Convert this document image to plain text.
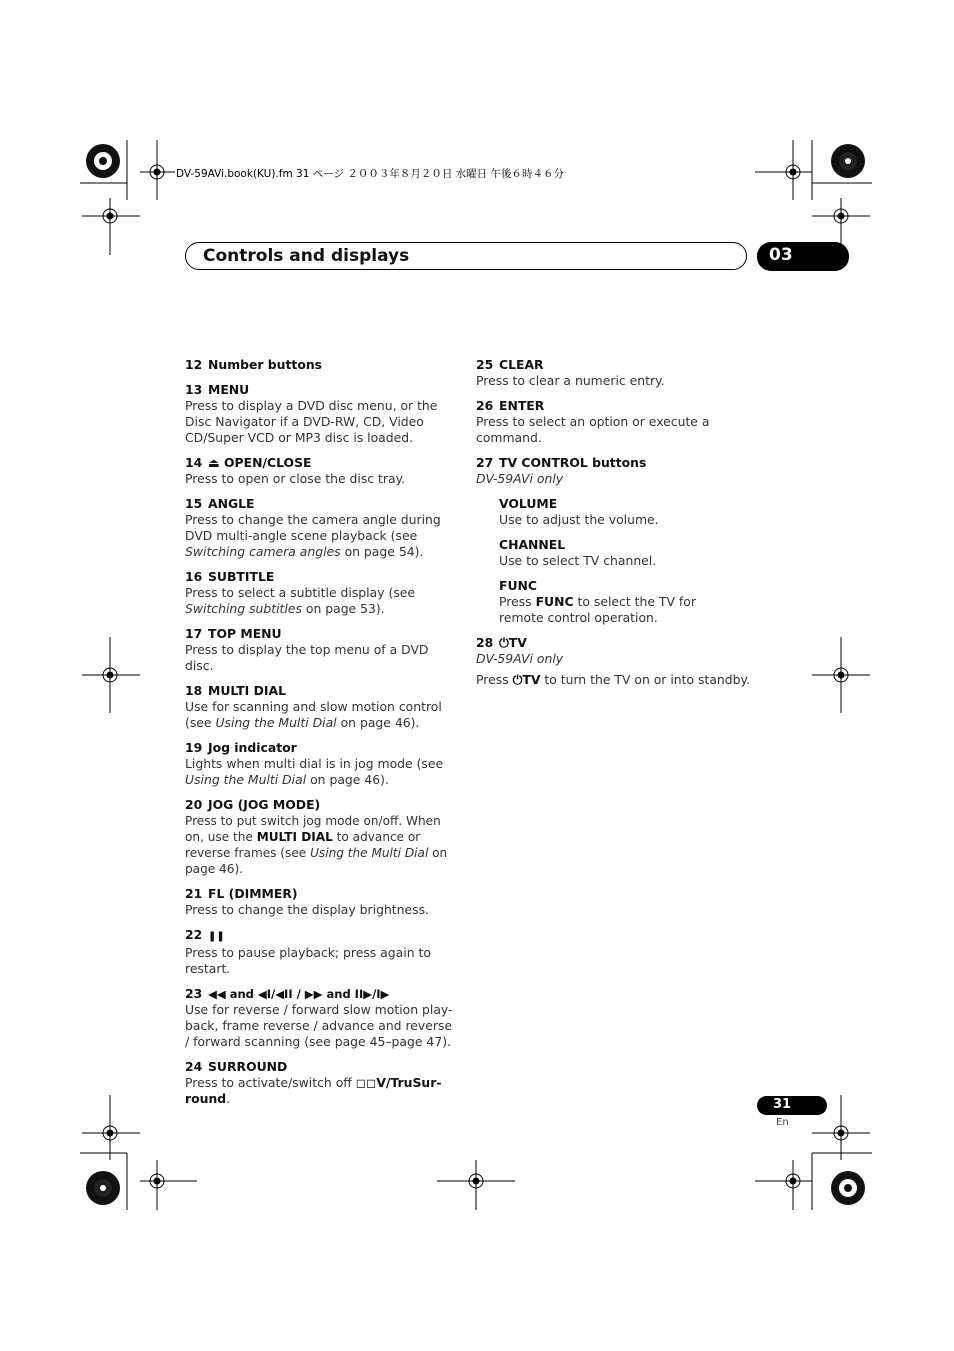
DV-59AVi.book(KU).fm 31 ページ ２００３年８月２０日 水曜日 午後６時４６分
Controls and displays	03
12 Number buttons
13 MENU
Press to display a DVD disc menu, or the Disc Navigator if a DVD-RW, CD, Video CD/Super VCD or MP3 disc is loaded.
14 ⏏ OPEN/CLOSE
Press to open or close the disc tray.
15 ANGLE
Press to change the camera angle during DVD multi-angle scene playback (see
Switching camera angles on page 54).
16 SUBTITLE
Press to select a subtitle display (see
Switching subtitles on page 53).
17 TOP MENU
Press to display the top menu of a DVD disc.
18 MULTI DIAL
Use for scanning and slow motion control (see Using the Multi Dial on page 46).
19 Jog indicator
Lights when multi dial is in jog mode (see
Using the Multi Dial on page 46).
20 JOG (JOG MODE)
Press to put switch jog mode on/off. When on, use the MULTI DIAL to advance or reverse frames (see Using the Multi Dial on page 46).
21 FL (DIMMER)
Press to change the display brightness.
22 ❚❚
Press to pause playback; press again to restart.
23 ◀◀ and ◀I/◀II / ▶▶ and II▶/I▶
Use for reverse / forward slow motion play-back, frame reverse / advance and reverse / forward scanning (see page 45–page 47).
24 SURROUND
Press to activate/switch off ◻◻V/TruSur-round.
25 CLEAR
Press to clear a numeric entry.
26 ENTER
Press to select an option or execute a command.
27 TV CONTROL buttons
DV-59AVi only
VOLUME
Use to adjust the volume.
CHANNEL
Use to select TV channel.
FUNC
Press FUNC to select the TV for remote control operation.
28 ⏻TV
DV-59AVi only
Press ⏻TV to turn the TV on or into standby.
31
En
